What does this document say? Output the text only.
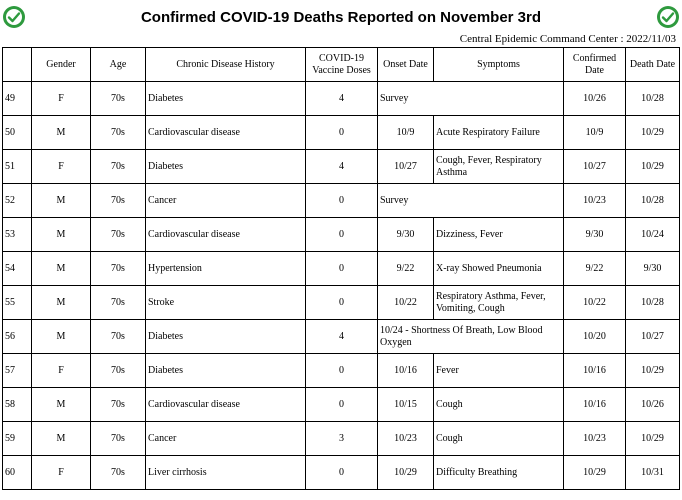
Confirmed COVID-19 Deaths Reported on November 3rd
Central Epidemic Command Center : 2022/11/03
	Gender	Age	Chronic Disease History	COVID-19 Vaccine Doses	Onset Date	Symptoms	Confirmed Date	Death Date
49	F	70s	Diabetes	4	Survey		10/26	10/28
50	M	70s	Cardiovascular disease	0	10/9	Acute Respiratory Failure	10/9	10/29
51	F	70s	Diabetes	4	10/27	Cough, Fever, Respiratory Asthma	10/27	10/29
52	M	70s	Cancer	0	Survey		10/23	10/28
53	M	70s	Cardiovascular disease	0	9/30	Dizziness, Fever	9/30	10/24
54	M	70s	Hypertension	0	9/22	X-ray Showed Pneumonia	9/22	9/30
55	M	70s	Stroke	0	10/22	Respiratory Asthma, Fever, Vomiting, Cough	10/22	10/28
56	M	70s	Diabetes	4	10/24 - Shortness Of Breath, Low Blood Oxygen		10/20	10/27
57	F	70s	Diabetes	0	10/16	Fever	10/16	10/29
58	M	70s	Cardiovascular disease	0	10/15	Cough	10/16	10/26
59	M	70s	Cancer	3	10/23	Cough	10/23	10/29
60	F	70s	Liver cirrhosis	0	10/29	Difficulty Breathing	10/29	10/31
